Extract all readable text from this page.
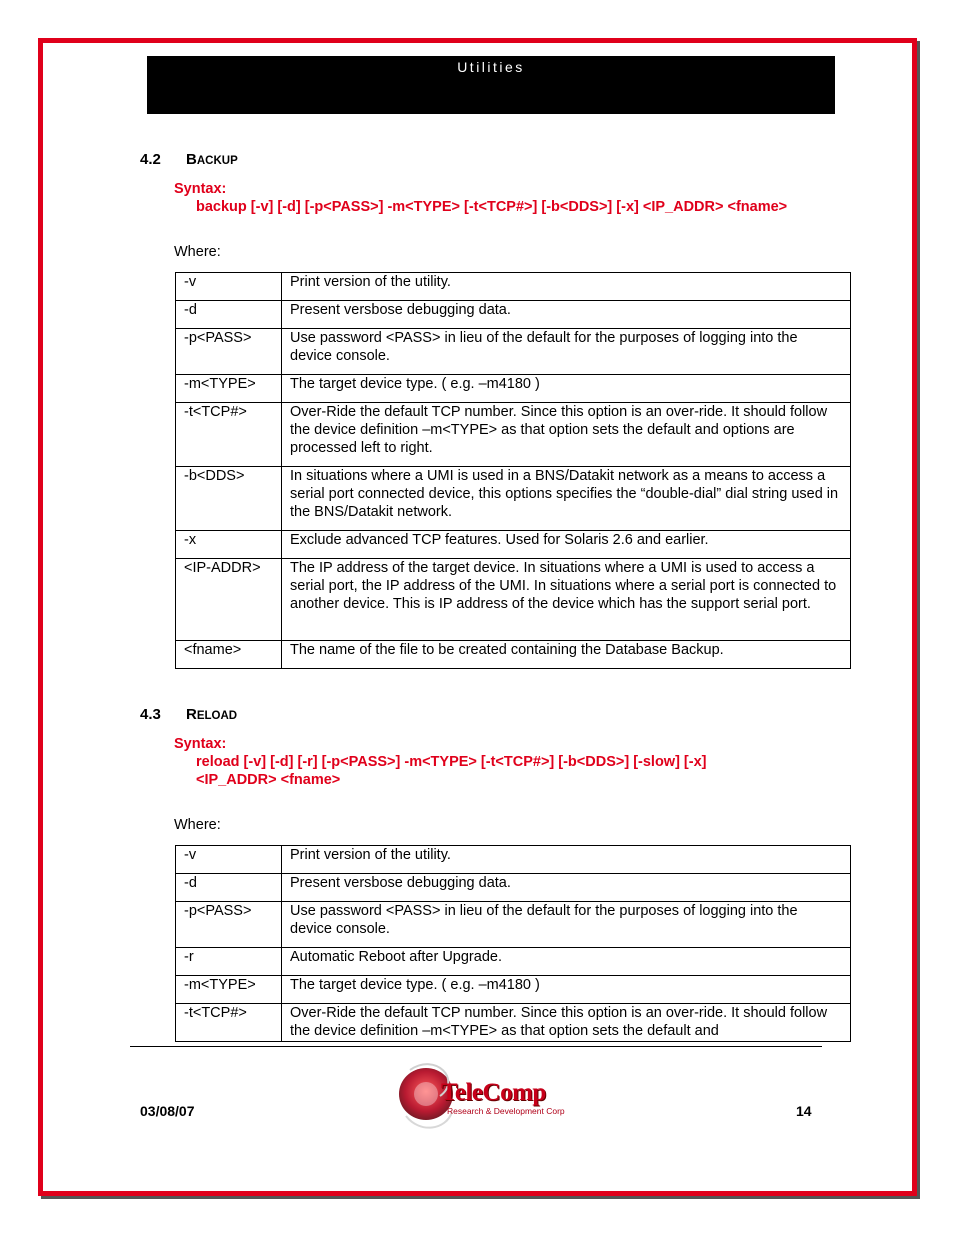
Utilities
4.2 BACKUP
Syntax:
backup [-v] [-d] [-p<PASS>] -m<TYPE> [-t<TCP#>] [-b<DDS>] [-x] <IP_ADDR> <fname>
Where:
-v	Print version of the utility.
-d	Present versbose debugging data.
-p<PASS>	Use password <PASS> in lieu of the default for the purposes of logging into the device console.
-m<TYPE>	The target device type. ( e.g. –m4180 )
-t<TCP#>	Over-Ride the default TCP number. Since this option is an over-ride. It should follow the device definition –m<TYPE> as that option sets the default and options are processed left to right.
-b<DDS>	In situations where a UMI is used in a BNS/Datakit network as a means to access a serial port connected device, this options specifies the “double-dial” dial string used in the BNS/Datakit network.
-x	Exclude advanced TCP features. Used for Solaris 2.6 and earlier.
<IP-ADDR>	The IP address of the target device. In situations where a UMI is used to access a serial port, the IP address of the UMI. In situations where a serial port is connected to another device. This is IP address of the device which has the support serial port.
<fname>	The name of the file to be created containing the Database Backup.
4.3 RELOAD
Syntax:
reload [-v] [-d] [-r] [-p<PASS>] -m<TYPE> [-t<TCP#>] [-b<DDS>] [-slow] [-x]
<IP_ADDR> <fname>
Where:
-v	Print version of the utility.
-d	Present versbose debugging data.
-p<PASS>	Use password <PASS> in lieu of the default for the purposes of logging into the device console.
-r	Automatic Reboot after Upgrade.
-m<TYPE>	The target device type. ( e.g. –m4180 )
-t<TCP#>	Over-Ride the default TCP number. Since this option is an over-ride. It should follow the device definition –m<TYPE> as that option sets the default and
03/08/07	14
TeleComp
Research & Development Corp
